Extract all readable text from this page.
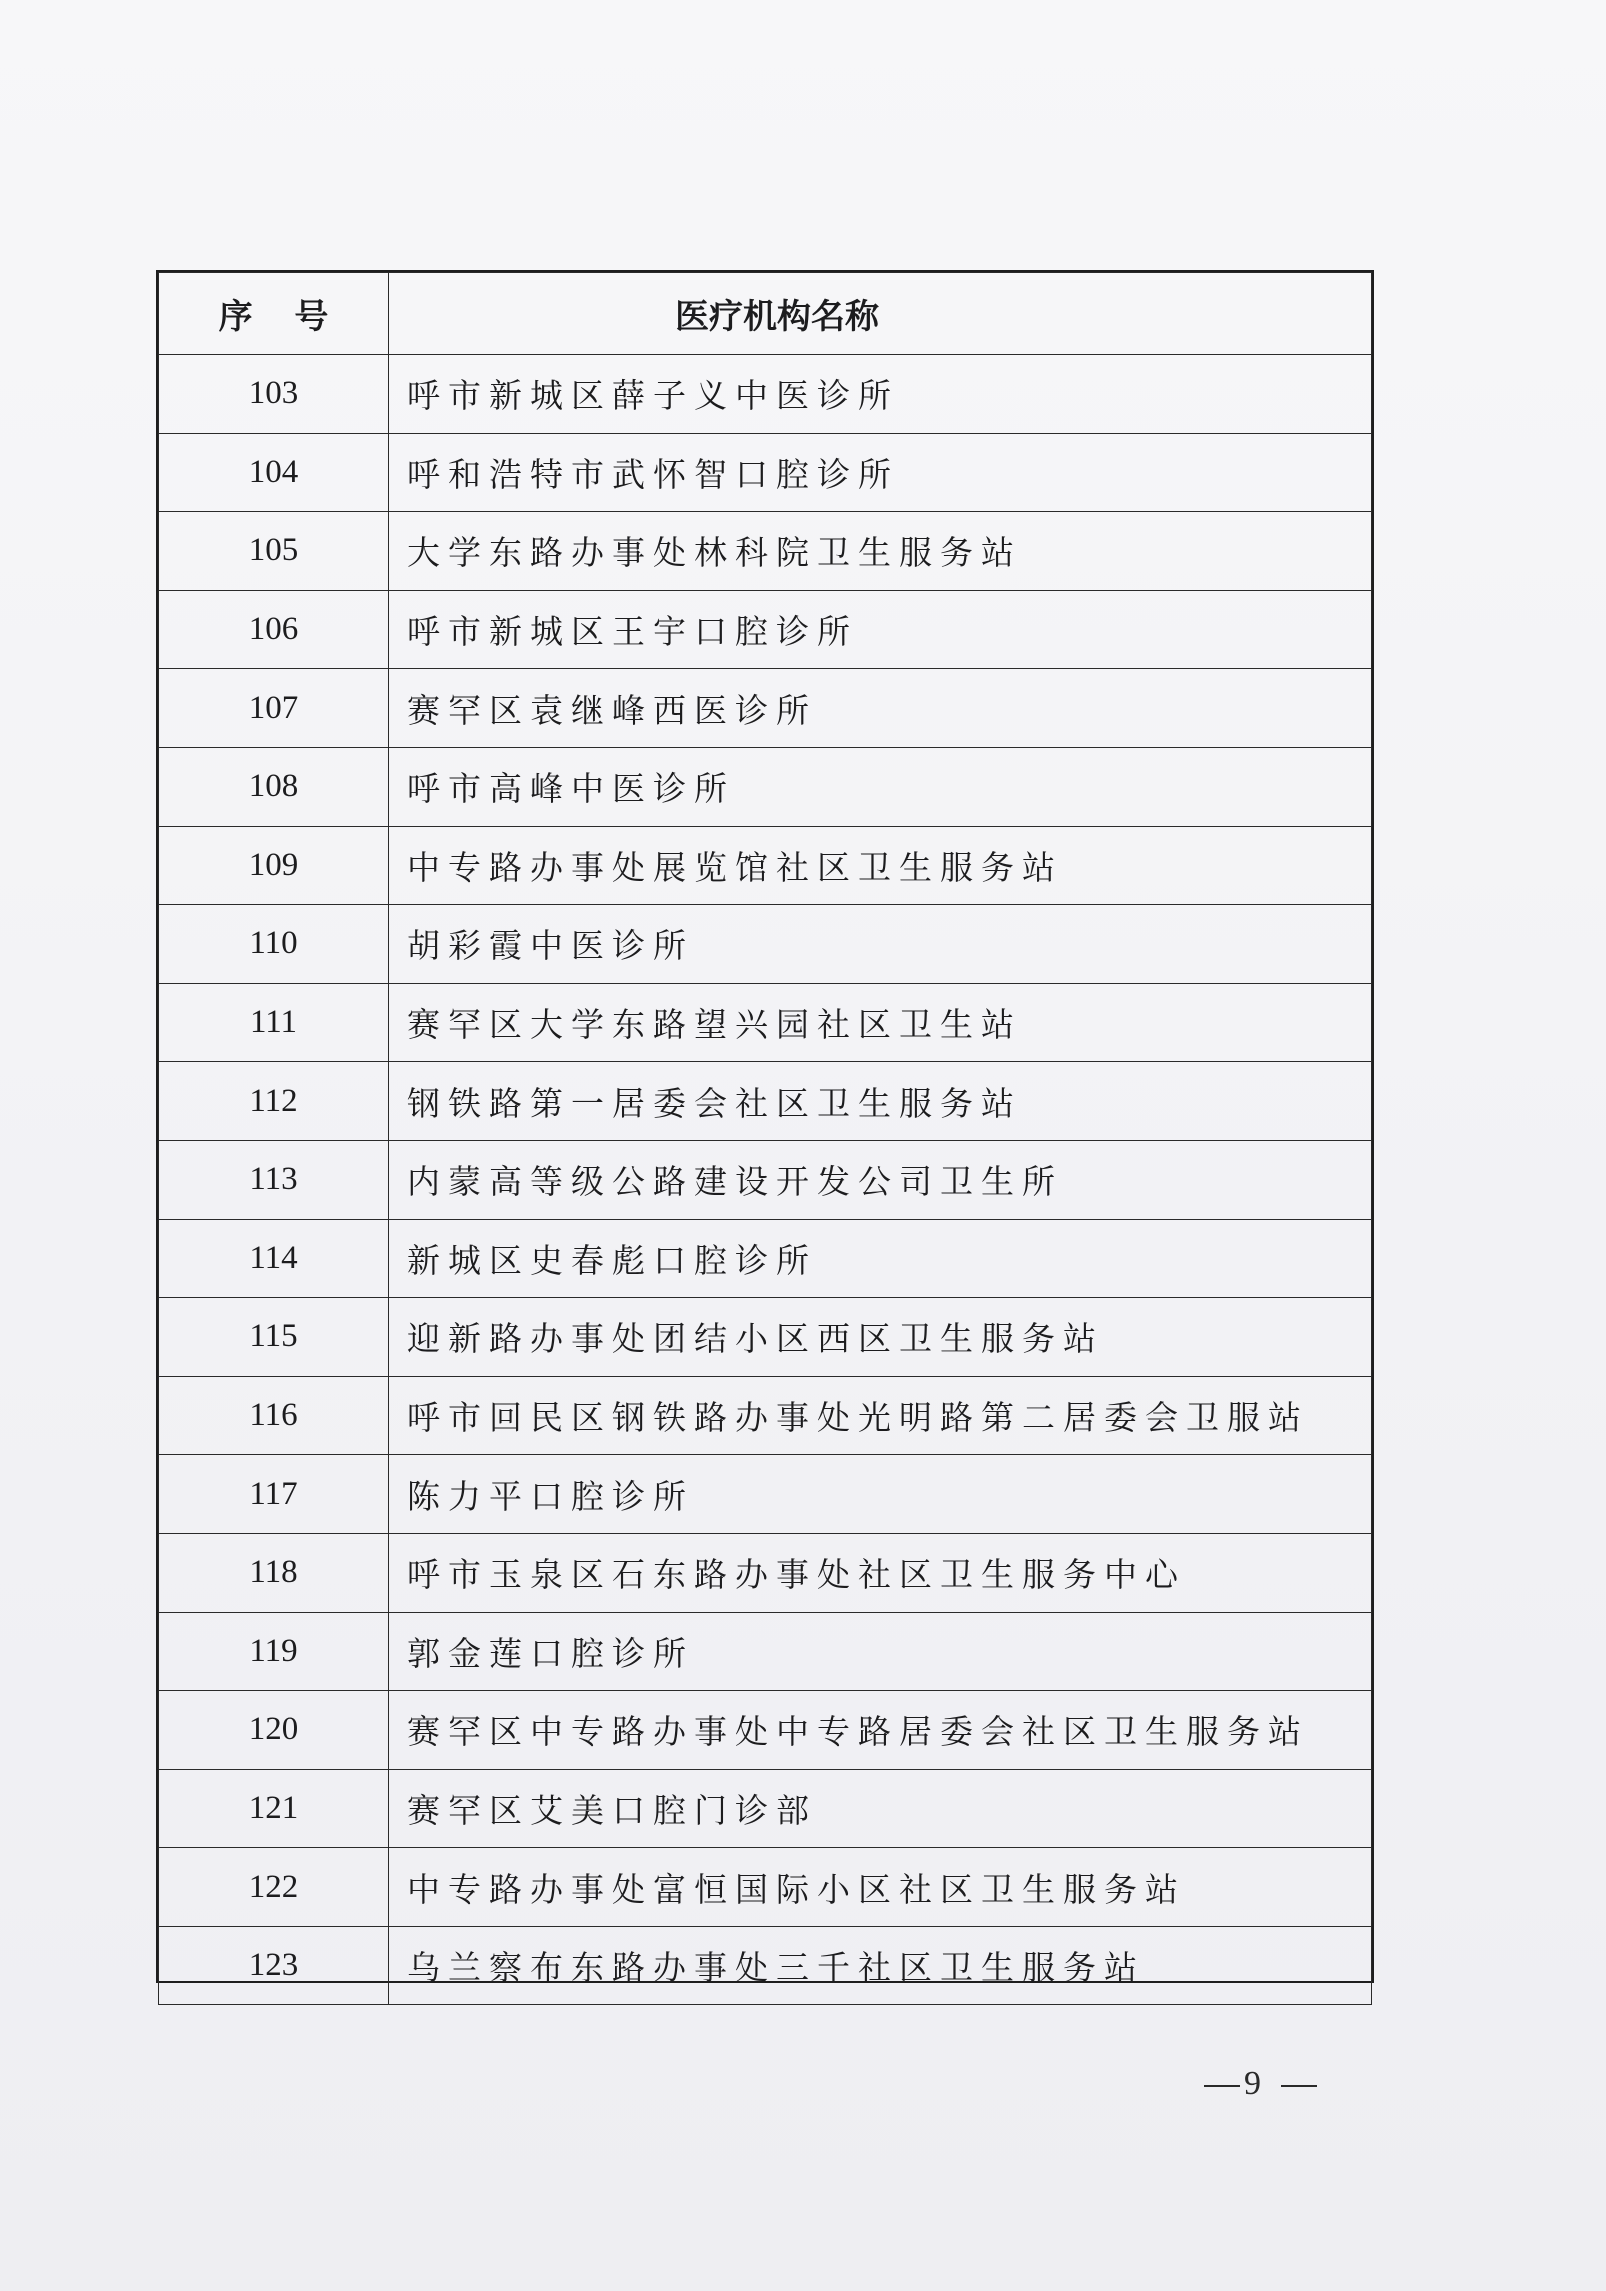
序 号	医疗机构名称
103	呼市新城区薛子义中医诊所
104	呼和浩特市武怀智口腔诊所
105	大学东路办事处林科院卫生服务站
106	呼市新城区王宇口腔诊所
107	赛罕区袁继峰西医诊所
108	呼市高峰中医诊所
109	中专路办事处展览馆社区卫生服务站
110	胡彩霞中医诊所
111	赛罕区大学东路望兴园社区卫生站
112	钢铁路第一居委会社区卫生服务站
113	内蒙高等级公路建设开发公司卫生所
114	新城区史春彪口腔诊所
115	迎新路办事处团结小区西区卫生服务站
116	呼市回民区钢铁路办事处光明路第二居委会卫服站
117	陈力平口腔诊所
118	呼市玉泉区石东路办事处社区卫生服务中心
119	郭金莲口腔诊所
120	赛罕区中专路办事处中专路居委会社区卫生服务站
121	赛罕区艾美口腔门诊部
122	中专路办事处富恒国际小区社区卫生服务站
123	乌兰察布东路办事处三千社区卫生服务站
9
